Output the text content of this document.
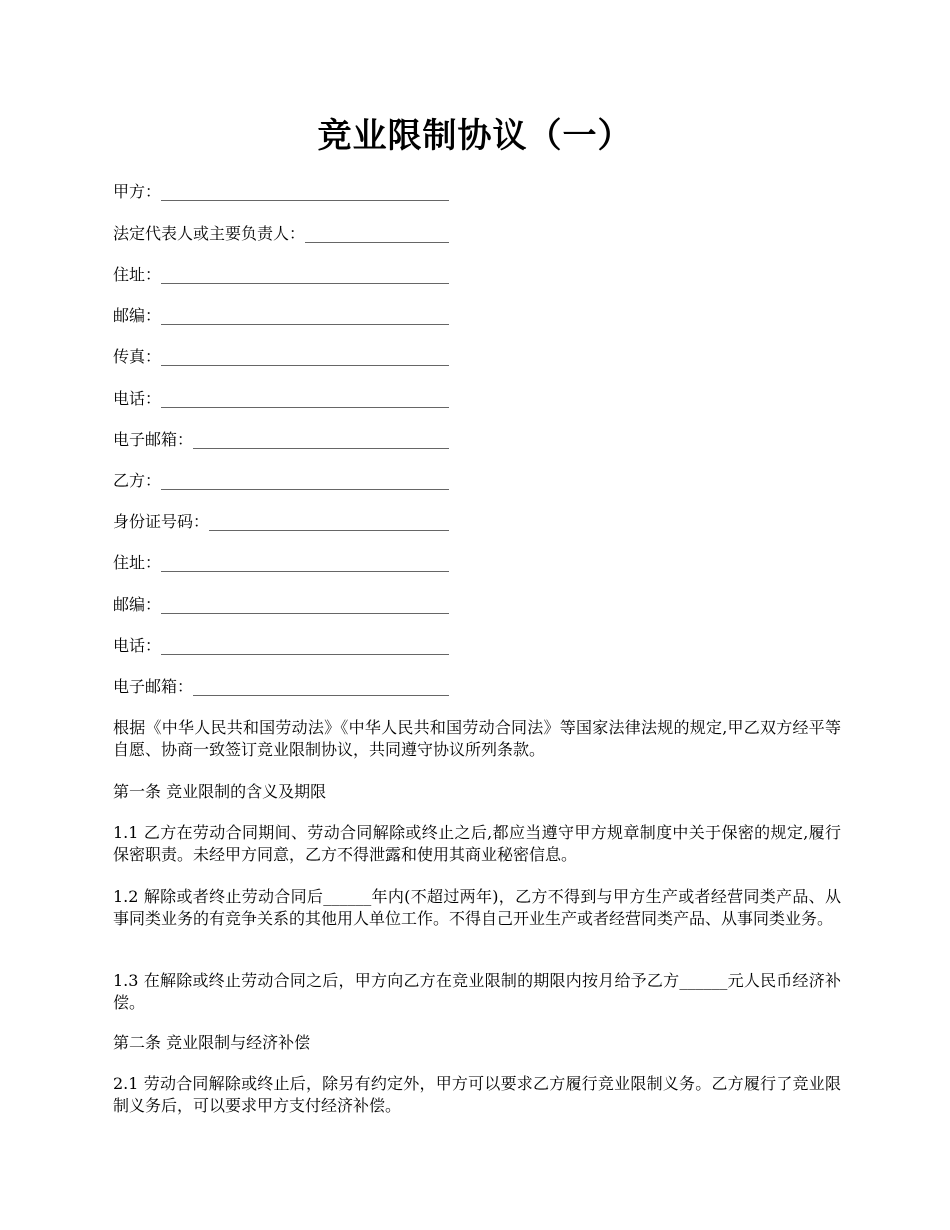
竞业限制协议（一）
甲方：____________________________________
法定代表人或主要负责人：__________________
住址：____________________________________
邮编：____________________________________
传真：____________________________________
电话：____________________________________
电子邮箱：________________________________
乙方：____________________________________
身份证号码：______________________________
住址：____________________________________
邮编：____________________________________
电话：____________________________________
电子邮箱：________________________________
根据《中华人民共和国劳动法》《中华人民共和国劳动合同法》等国家法律法规的规定,甲乙双方经平等自愿、协商一致签订竞业限制协议，共同遵守协议所列条款。
第一条 竞业限制的含义及期限
1.1 乙方在劳动合同期间、劳动合同解除或终止之后,都应当遵守甲方规章制度中关于保密的规定,履行保密职责。未经甲方同意，乙方不得泄露和使用其商业秘密信息。
1.2 解除或者终止劳动合同后______年内(不超过两年)，乙方不得到与甲方生产或者经营同类产品、从事同类业务的有竞争关系的其他用人单位工作。不得自己开业生产或者经营同类产品、从事同类业务。
1.3 在解除或终止劳动合同之后，甲方向乙方在竞业限制的期限内按月给予乙方______元人民币经济补偿。
第二条 竞业限制与经济补偿
2.1 劳动合同解除或终止后，除另有约定外，甲方可以要求乙方履行竞业限制义务。乙方履行了竞业限制义务后，可以要求甲方支付经济补偿。
